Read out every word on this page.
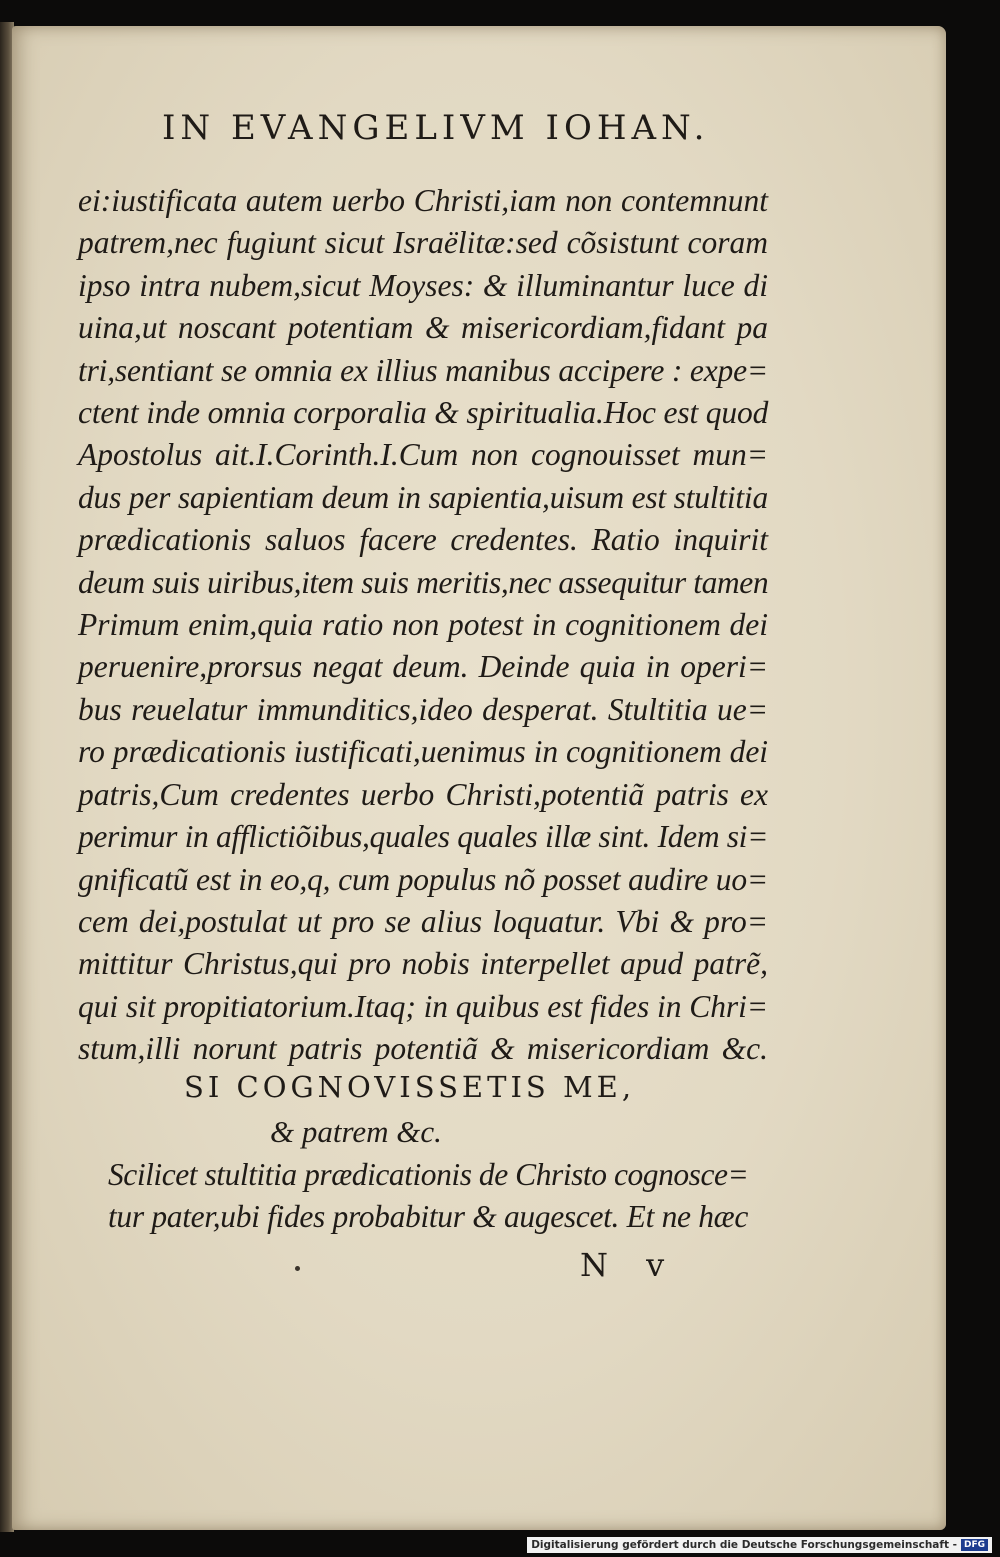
IN EVANGELIVM IOHAN.
ei:iustificata autem uerbo Christi,iam non contemnunt
patrem,nec fugiunt sicut Israëlitæ:sed cõsistunt coram
ipso intra nubem,sicut Moyses: & illuminantur luce di
uina,ut noscant potentiam & misericordiam,fidant pa
tri,sentiant se omnia ex illius manibus accipere : expe=
ctent inde omnia corporalia & spiritualia.Hoc est quod
Apostolus ait.I.Corinth.I.Cum non cognouisset mun=
dus per sapientiam deum in sapientia,uisum est stultitia
prædicationis saluos facere credentes. Ratio inquirit
deum suis uiribus,item suis meritis,nec assequitur tamen
Primum enim,quia ratio non potest in cognitionem dei
peruenire,prorsus negat deum. Deinde quia in operi=
bus reuelatur immunditics,ideo desperat. Stultitia ue=
ro prædicationis iustificati,uenimus in cognitionem dei
patris,Cum credentes uerbo Christi,potentiã patris ex
perimur in afflictiõibus,quales quales illæ sint. Idem si=
gnificatũ est in eo,q, cum populus nõ posset audire uo=
cem dei,postulat ut pro se alius loquatur. Vbi & pro=
mittitur Christus,qui pro nobis interpellet apud patrẽ,
qui sit propitiatorium.Itaq; in quibus est fides in Chri=
stum,illi norunt patris potentiã & misericordiam &c.
SI COGNOVISSETIS ME,
& patrem &c.
Scilicet stultitia prædicationis de Christo cognosce=
tur pater,ubi fides probabitur & augescet. Et ne hæc
N v
Digitalisierung gefördert durch die Deutsche Forschungsgemeinschaft - DFG
